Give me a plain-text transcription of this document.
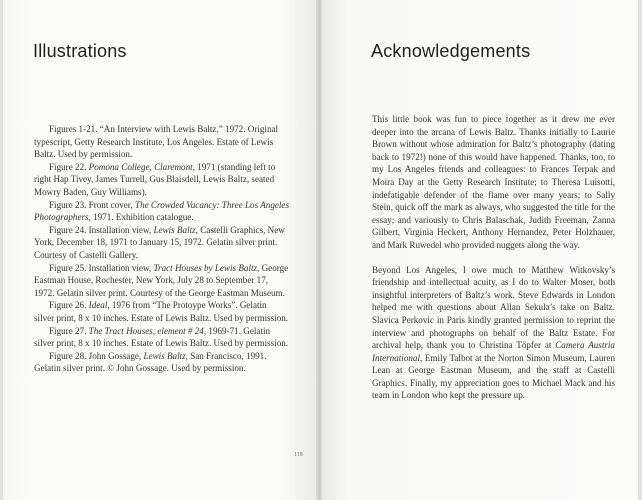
Illustrations

Figures 1-21. “An Interview with Lewis Baltz,” 1972. Original typescript, Getty Research Institute, Los Angeles. Estate of Lewis Baltz. Used by permission.

Figure 22. Pomona College, Claremont, 1971 (standing left to right Hap Tivey, James Turrell, Gus Blaisdell, Lewis Baltz, seated Mowry Baden, Guy Williams).

Figure 23. Front cover, The Crowded Vacancy: Three Los Angeles Photographers, 1971. Exhibition catalogue.

Figure 24. Installation view, Lewis Baltz, Castelli Graphics, New York, December 18, 1971 to January 15, 1972. Gelatin silver print. Courtesy of Castelli Gallery.

Figure 25. Installation view, Tract Houses by Lewis Baltz, George Eastman House, Rochester, New York, July 28 to September 17, 1972. Gelatin silver print. Courtesy of the George Eastman Museum.

Figure 26. Ideal, 1976 from “The Protoype Works”. Gelatin silver print, 8 x 10 inches. Estate of Lewis Baltz. Used by permission.

Figure 27. The Tract Houses, element # 24, 1969-71. Gelatin silver print, 8 x 10 inches. Estate of Lewis Baltz. Used by permission.

Figure 28. John Gossage, Lewis Baltz, San Francisco, 1991. Gelatin silver print. © John Gossage. Used by permission.

118
Acknowledgements

This little book was fun to piece together as it drew me ever deeper into the arcana of Lewis Baltz. Thanks initially to Laurie Brown without whose admiration for Baltz’s photography (dating back to 1972!) none of this would have happened. Thanks, too, to my Los Angeles friends and colleagues: to Frances Terpak and Moira Day at the Getty Research Institute; to Theresa Luisotti, indefatigable defender of the flame over many years; to Sally Stein, quick off the mark as always, who suggested the title for the essay; and variously to Chris Balaschak, Judith Freeman, Zanna Gilbert, Virginia Heckert, Anthony Hernandez, Peter Holzhauer, and Mark Ruwedel who provided nuggets along the way.

Beyond Los Angeles, I owe much to Matthew Witkovsky’s friendship and intellectual acuity, as I do to Walter Moser, both insightful interpreters of Baltz’s work. Steve Edwards in London helped me with questions about Allan Sekula’s take on Baltz. Slavica Perkovic in Paris kindly granted permission to reprint the interview and photographs on behalf of the Baltz Estate. For archival help, thank you to Christina Töpfer at Camera Austria International, Emily Talbot at the Norton Simon Museum, Lauren Lean at George Eastman Museum, and the staff at Castelli Graphics. Finally, my appreciation goes to Michael Mack and his team in London who kept the pressure up.
